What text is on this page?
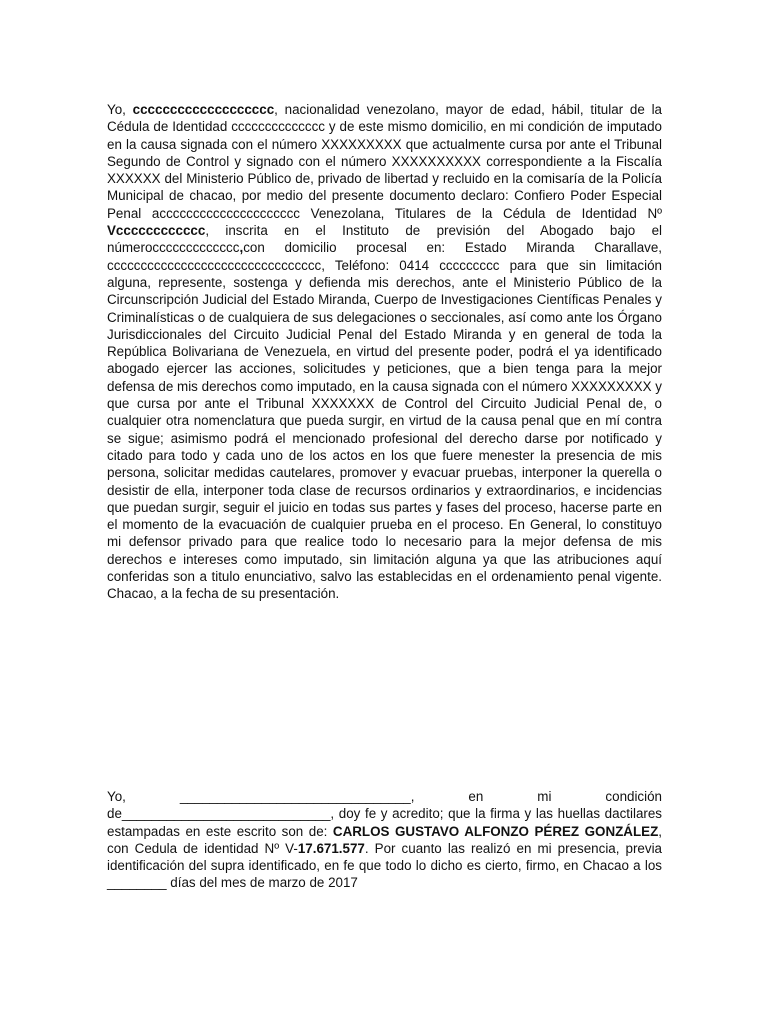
Yo, ccccccccccccccccccc, nacionalidad venezolano, mayor de edad, hábil, titular de la Cédula de Identidad cccccccccccccc y de este mismo domicilio, en mi condición de imputado en la causa signada con el número XXXXXXXXX que actualmente cursa por ante el Tribunal Segundo de Control y signado con el número XXXXXXXXXX correspondiente a la Fiscalía XXXXXX del Ministerio Público de, privado de libertad y recluido en la comisaría de la Policía Municipal de chacao, por medio del presente documento declaro: Confiero Poder Especial Penal accccccccccccccccccccc Venezolana, Titulares de la Cédula de Identidad Nº Vcccccccccccc, inscrita en el Instituto de previsión del Abogado bajo el númeroccccccccccccc,con domicilio procesal en: Estado Miranda Charallave, cccccccccccccccccccccccccccccccc, Teléfono: 0414 ccccccccc para que sin limitación alguna, represente, sostenga y defienda mis derechos, ante el Ministerio Público de la Circunscripción Judicial del Estado Miranda, Cuerpo de Investigaciones Científicas Penales y Criminalísticas o de cualquiera de sus delegaciones o seccionales, así como ante los Órgano Jurisdiccionales del Circuito Judicial Penal del Estado Miranda y en general de toda la República Bolivariana de Venezuela, en virtud del presente poder, podrá el ya identificado abogado ejercer las acciones, solicitudes y peticiones, que a bien tenga para la mejor defensa de mis derechos como imputado, en la causa signada con el número XXXXXXXXX y que cursa por ante el Tribunal XXXXXXX de Control del Circuito Judicial Penal de, o cualquier otra nomenclatura que pueda surgir, en virtud de la causa penal que en mí contra se sigue; asimismo podrá el mencionado profesional del derecho darse por notificado y citado para todo y cada uno de los actos en los que fuere menester la presencia de mis persona, solicitar medidas cautelares, promover y evacuar pruebas, interponer la querella o desistir de ella, interponer toda clase de recursos ordinarios y extraordinarios, e incidencias que puedan surgir, seguir el juicio en todas sus partes y fases del proceso, hacerse parte en el momento de la evacuación de cualquier prueba en el proceso. En General, lo constituyo mi defensor privado para que realice todo lo necesario para la mejor defensa de mis derechos e intereses como imputado, sin limitación alguna ya que las atribuciones aquí conferidas son a titulo enunciativo, salvo las establecidas en el ordenamiento penal vigente. Chacao, a la fecha de su presentación.

Yo, _______________________________, en mi condición de____________________________, doy fe y acredito; que la firma y las huellas dactilares estampadas en este escrito son de: CARLOS GUSTAVO ALFONZO PÉREZ GONZÁLEZ, con Cedula de identidad Nº V-17.671.577. Por cuanto las realizó en mi presencia, previa identificación del supra identificado, en fe que todo lo dicho es cierto, firmo, en Chacao a los ________ días del mes de marzo de 2017
